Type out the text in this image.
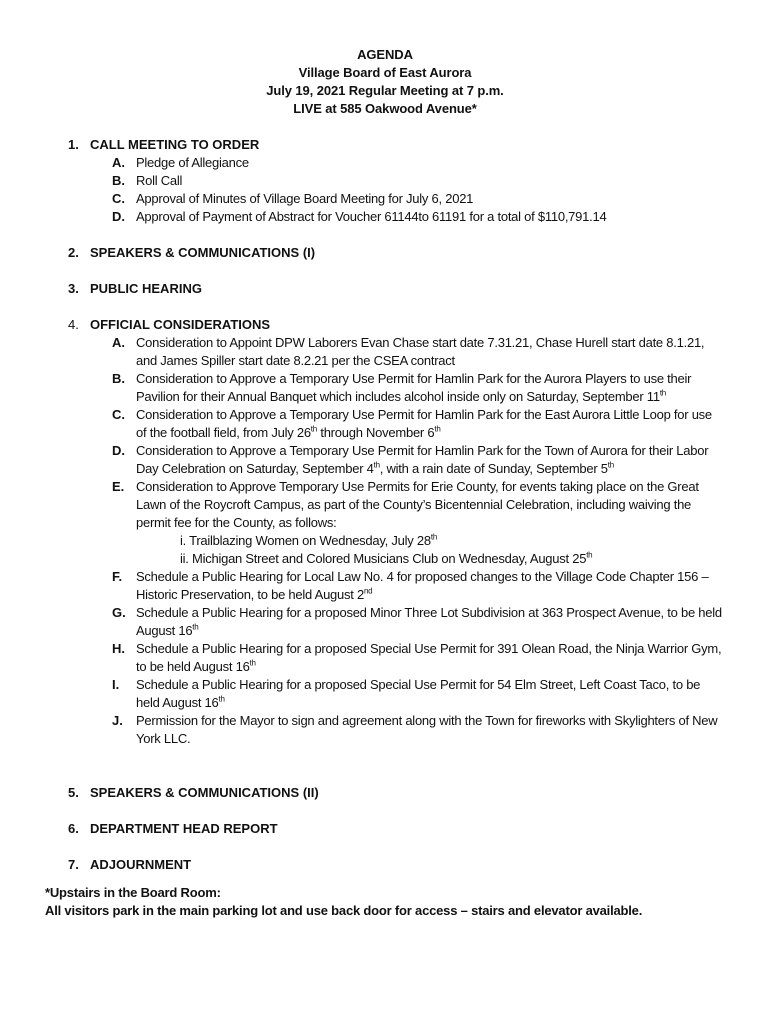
AGENDA
Village Board of East Aurora
July 19, 2021 Regular Meeting at 7 p.m.
LIVE at 585 Oakwood Avenue*
1. CALL MEETING TO ORDER
A. Pledge of Allegiance
B. Roll Call
C. Approval of Minutes of Village Board Meeting for July 6, 2021
D. Approval of Payment of Abstract for Voucher 61144to 61191 for a total of $110,791.14
2. SPEAKERS & COMMUNICATIONS (I)
3. PUBLIC HEARING
4. OFFICIAL CONSIDERATIONS
A. Consideration to Appoint DPW Laborers Evan Chase start date 7.31.21, Chase Hurell start date 8.1.21,
and James Spiller start date 8.2.21 per the CSEA contract
B. Consideration to Approve a Temporary Use Permit for Hamlin Park for the Aurora Players to use their
Pavilion for their Annual Banquet which includes alcohol inside only on Saturday, September 11th
C. Consideration to Approve a Temporary Use Permit for Hamlin Park for the East Aurora Little Loop for use
of the football field, from July 26th through November 6th
D. Consideration to Approve a Temporary Use Permit for Hamlin Park for the Town of Aurora for their Labor
Day Celebration on Saturday, September 4th, with a rain date of Sunday, September 5th
E. Consideration to Approve Temporary Use Permits for Erie County, for events taking place on the Great
Lawn of the Roycroft Campus, as part of the County’s Bicentennial Celebration, including waiving the
permit fee for the County, as follows:
i. Trailblazing Women on Wednesday, July 28th
ii. Michigan Street and Colored Musicians Club on Wednesday, August 25th
F.	Schedule a Public Hearing for Local Law No. 4 for proposed changes to the Village Code Chapter 156 –
Historic Preservation, to be held August 2nd
G. Schedule a Public Hearing for a proposed Minor Three Lot Subdivision at 363 Prospect Avenue, to be held
August 16th
H. Schedule a Public Hearing for a proposed Special Use Permit for 391 Olean Road, the Ninja Warrior Gym,
to be held August 16th
I.	Schedule a Public Hearing for a proposed Special Use Permit for 54 Elm Street, Left Coast Taco, to be
held August 16th
J.	Permission for the Mayor to sign and agreement along with the Town for fireworks with Skylighters of New
York LLC.
5. SPEAKERS & COMMUNICATIONS (II)
6. DEPARTMENT HEAD REPORT
7. ADJOURNMENT
*Upstairs in the Board Room:
All visitors park in the main parking lot and use back door for access – stairs and elevator available.
